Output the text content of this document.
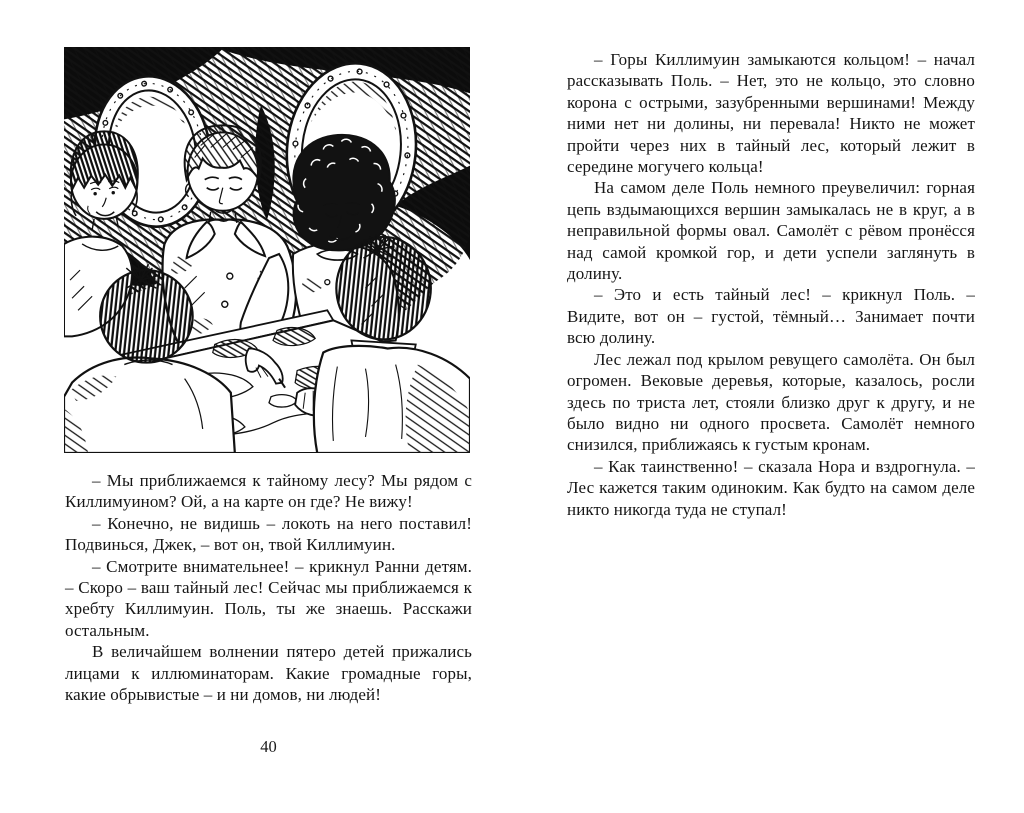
– Мы приближаемся к тайному лесу? Мы рядом с Киллимуином? Ой, а на карте он где? Не вижу!

– Конечно, не видишь – локоть на него поставил! Подвинься, Джек, – вот он, твой Киллимуин.

– Смотрите внимательнее! – крикнул Ранни детям. – Скоро – ваш тайный лес! Сейчас мы приближаемся к хребту Киллимуин. Поль, ты же знаешь. Расскажи остальным.

В величайшем волнении пятеро детей прижались лицами к иллюминаторам. Какие громадные горы, какие обрывистые – и ни домов, ни людей!

40

– Горы Киллимуин замыкаются кольцом! – начал рассказывать Поль. – Нет, это не кольцо, это словно корона с острыми, зазубренными вершинами! Между ними нет ни долины, ни перевала! Никто не может пройти через них в тайный лес, который лежит в середине могучего кольца!

На самом деле Поль немного преувеличил: горная цепь вздымающихся вершин замыкалась не в круг, а в неправильной формы овал. Самолёт с рёвом пронёсся над самой кромкой гор, и дети успели заглянуть в долину.

– Это и есть тайный лес! – крикнул Поль. – Видите, вот он – густой, тёмный… Занимает почти всю долину.

Лес лежал под крылом ревущего самолёта. Он был огромен. Вековые деревья, которые, казалось, росли здесь по триста лет, стояли близко друг к другу, и не было видно ни одного просвета. Самолёт немного снизился, приближаясь к густым кронам.

– Как таинственно! – сказала Нора и вздрогнула. – Лес кажется таким одиноким. Как будто на самом деле никто никогда туда не ступал!
